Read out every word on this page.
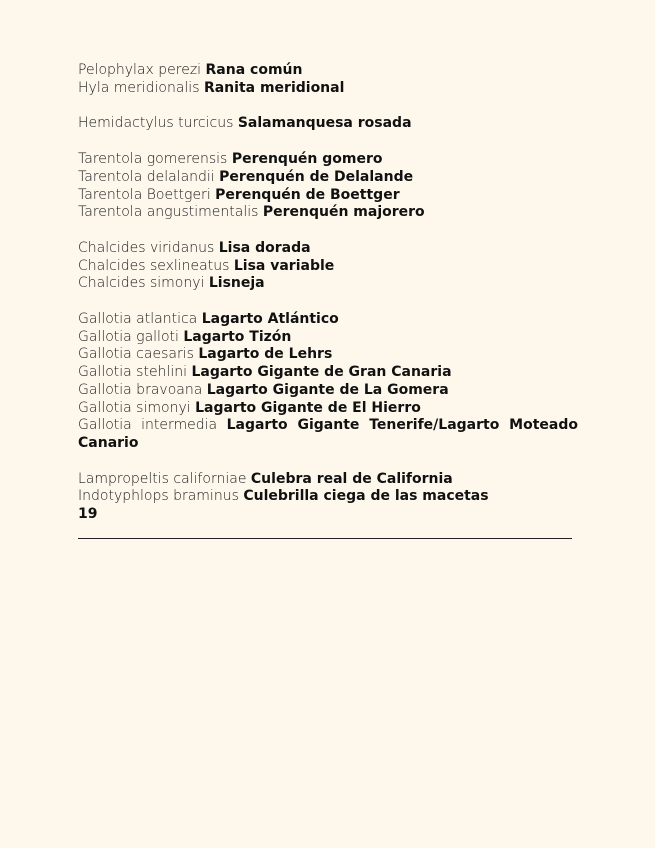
Pelophylax perezi Rana común
Hyla meridionalis Ranita meridional
Hemidactylus turcicus Salamanquesa rosada
Tarentola gomerensis Perenquén gomero
Tarentola delalandii Perenquén de Delalande
Tarentola Boettgeri Perenquén de Boettger
Tarentola angustimentalis Perenquén majorero
Chalcides viridanus Lisa dorada
Chalcides sexlineatus Lisa variable
Chalcides simonyi Lisneja
Gallotia atlantica Lagarto Atlántico
Gallotia galloti Lagarto Tizón
Gallotia caesaris Lagarto de Lehrs
Gallotia stehlini Lagarto Gigante de Gran Canaria
Gallotia bravoana Lagarto Gigante de La Gomera
Gallotia simonyi Lagarto Gigante de El Hierro
Gallotia intermedia Lagarto Gigante Tenerife/Lagarto Moteado Canario
Lampropeltis californiae Culebra real de California
Indotyphlops braminus Culebrilla ciega de las macetas
19
